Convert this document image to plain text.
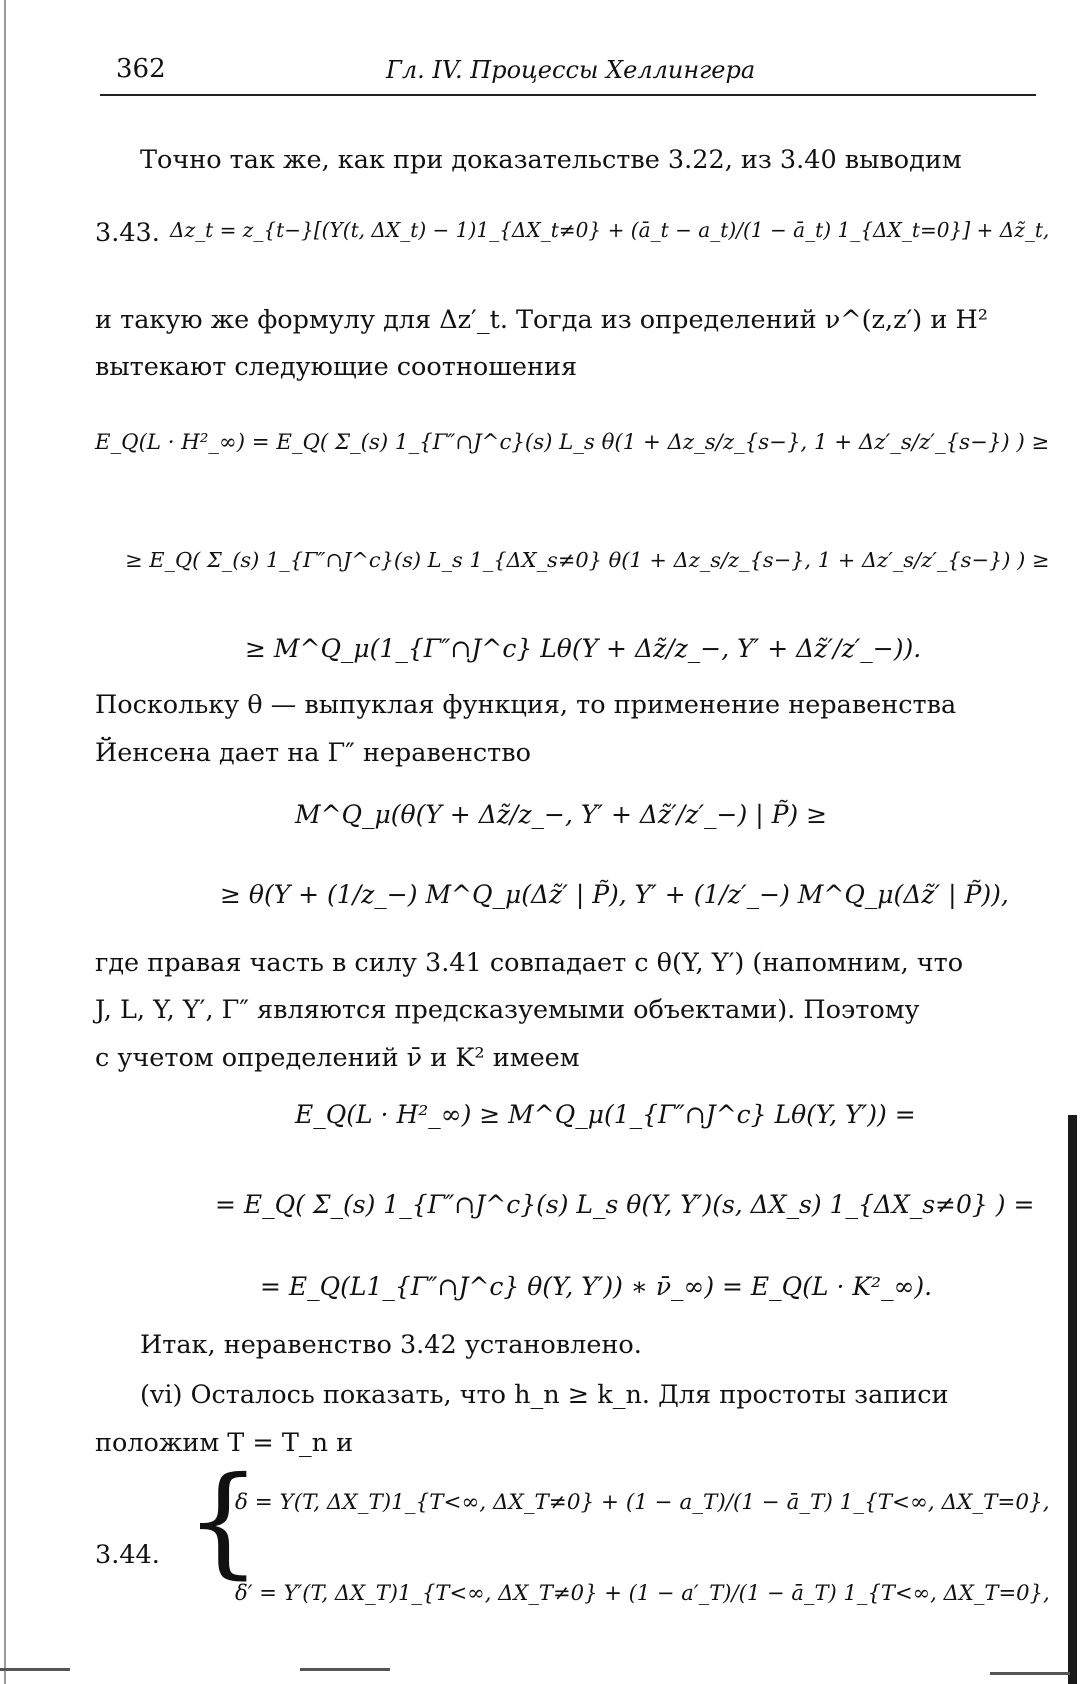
362	Гл. IV. Процессы Хеллингера
Точно так же, как при доказательстве 3.22, из 3.40 выводим
3.43. Δz_t = z_{t−}[(Y(t, ΔX_t) − 1)1_{ΔX_t≠0} + (ā_t − a_t)/(1 − ā_t) 1_{ΔX_t=0}] + Δz̃_t,
и такую же формулу для Δz′_t. Тогда из определений ν^(z,z′) и H²
вытекают следующие соотношения
E_Q(L · H²_∞) = E_Q( Σ_(s) 1_{Γ″∩J^c}(s) L_s θ(1 + Δz_s/z_{s−}, 1 + Δz′_s/z′_{s−}) ) ≥
≥ E_Q( Σ_(s) 1_{Γ″∩J^c}(s) L_s 1_{ΔX_s≠0} θ(1 + Δz_s/z_{s−}, 1 + Δz′_s/z′_{s−}) ) ≥
≥ M^Q_μ(1_{Γ″∩J^c} Lθ(Y + Δz̃/z_−, Y′ + Δz̃′/z′_−)).
Поскольку θ — выпуклая функция, то применение неравенства
Йенсена дает на Γ″ неравенство
M^Q_μ(θ(Y + Δz̃/z_−, Y′ + Δz̃′/z′_−) | P̃) ≥
≥ θ(Y + (1/z_−) M^Q_μ(Δz̃′ | P̃), Y′ + (1/z′_−) M^Q_μ(Δz̃′ | P̃)),
где правая часть в силу 3.41 совпадает с θ(Y, Y′) (напомним, что
J, L, Y, Y′, Γ″ являются предсказуемыми объектами). Поэтому
с учетом определений ν̄ и K² имеем
E_Q(L · H²_∞) ≥ M^Q_μ(1_{Γ″∩J^c} Lθ(Y, Y′)) =
= E_Q( Σ_(s) 1_{Γ″∩J^c}(s) L_s θ(Y, Y′)(s, ΔX_s) 1_{ΔX_s≠0} ) =
= E_Q(L1_{Γ″∩J^c} θ(Y, Y′)) ∗ ν̄_∞) = E_Q(L · K²_∞).
Итак, неравенство 3.42 установлено.
(vi) Осталось показать, что h_n ≥ k_n. Для простоты записи
положим T = T_n и
3.44. {
δ = Y(T, ΔX_T)1_{T<∞, ΔX_T≠0} + (1 − a_T)/(1 − ā_T) 1_{T<∞, ΔX_T=0},
δ′ = Y′(T, ΔX_T)1_{T<∞, ΔX_T≠0} + (1 − a′_T)/(1 − ā_T) 1_{T<∞, ΔX_T=0},
